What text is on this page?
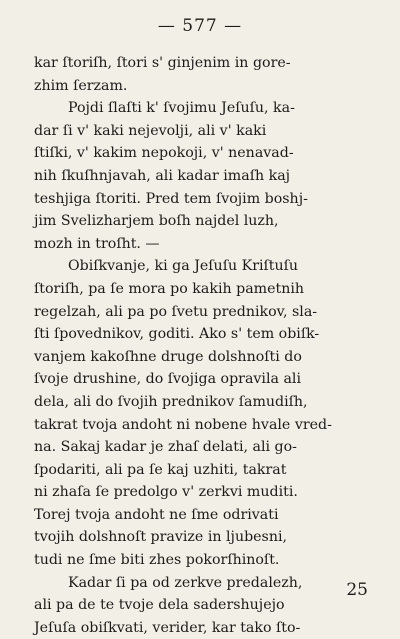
— 577 —
kar ſtoriſh, ſtori s' ginjenim in gore-
zhim ſerzam.
Pojdi ſlaſti k' ſvojimu Jeſuſu, ka-
dar ſi v' kaki nejevolji, ali v' kaki
ſtiſki, v' kakim nepokoji, v' nenavad-
nih ſkuſhnjavah, ali kadar imaſh kaj
teshjiga ſtoriti. Pred tem ſvojim boshj-
jim Svelizharjem boſh najdel luzh,
mozh in troſht. —
Obiſkvanje, ki ga Jeſuſu Kriſtuſu
ſtoriſh, pa ſe mora po kakih pametnih
regelzah, ali pa po ſvetu prednikov, sla-
ſti ſpovednikov, goditi. Ako s' tem obiſk-
vanjem kakoſhne druge dolshnoſti do
ſvoje drushine, do ſvojiga opravila ali
dela, ali do ſvojih prednikov ſamudiſh,
takrat tvoja andoht ni nobene hvale vred-
na. Sakaj kadar je zhaſ delati, ali go-
ſpodariti, ali pa ſe kaj uzhiti, takrat
ni zhaſa ſe predolgo v' zerkvi muditi.
Torej tvoja andoht ne ſme odrivati
tvojih dolshnoſt pravize in ljubesni,
tudi ne ſme biti zhes pokorſhinoſt.
Kadar ſi pa od zerkve predalezh,
ali pa de te tvoje dela sadershujejo
Jeſuſa obiſkvati, verider, kar tako ſto-
25
